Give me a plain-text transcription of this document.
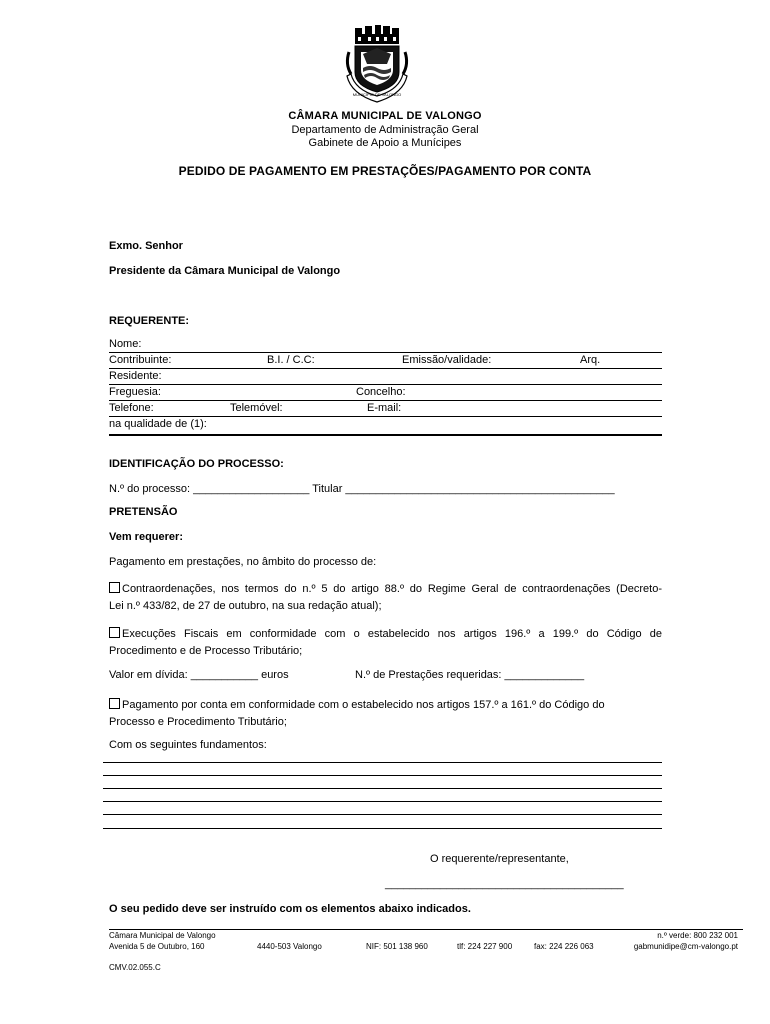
MUNICÍPIO DE VALONGO
CÂMARA MUNICIPAL DE VALONGO
Departamento de Administração Geral
Gabinete de Apoio a Munícipes
PEDIDO DE PAGAMENTO EM PRESTAÇÕES/PAGAMENTO POR CONTA
Exmo. Senhor
Presidente da Câmara Municipal de Valongo
REQUERENTE:
Nome:
Contribuinte:	B.I. / C.C:	Emissão/validade:	Arq.
Residente:
Freguesia:	Concelho:
Telefone:	Telemóvel:	E-mail:
na qualidade de (1):
IDENTIFICAÇÃO DO PROCESSO:
N.º do processo: ___________________ Titular ____________________________________________
PRETENSÃO
Vem requerer:
Pagamento em prestações, no âmbito do processo de:
Contraordenações, nos termos do n.º 5 do artigo 88.º do Regime Geral de contraordenações (Decreto-
Lei n.º 433/82, de 27 de outubro, na sua redação atual);
Execuções Fiscais em conformidade com o estabelecido nos artigos 196.º a 199.º do Código de
Procedimento e de Processo Tributário;
Valor em dívida: ___________ euros	N.º de Prestações requeridas: _____________
Pagamento por conta em conformidade com o estabelecido nos artigos 157.º a 161.º do Código do
Processo e Procedimento Tributário;
Com os seguintes fundamentos:
O requerente/representante,
_______________________________________
O seu pedido deve ser instruído com os elementos abaixo indicados.
Câmara Municipal de Valongo
Avenida 5 de Outubro, 160	4440-503 Valongo	NIF: 501 138 960	tlf: 224 227 900	fax: 224 226 063
n.º verde: 800 232 001
gabmunidipe@cm-valongo.pt
CMV.02.055.C
